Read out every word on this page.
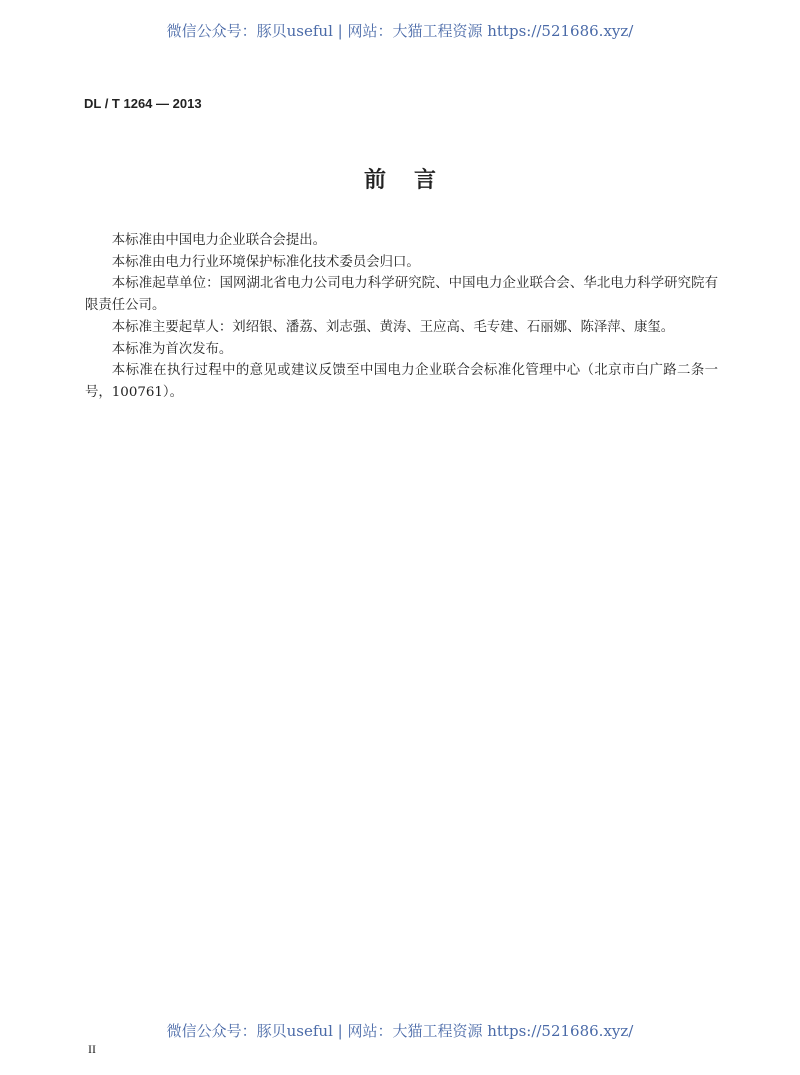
微信公众号：豚贝useful | 网站：大猫工程资源 https://521686.xyz/
DL / T 1264 — 2013
前言

本标准由中国电力企业联合会提出。

本标准由电力行业环境保护标准化技术委员会归口。

本标准起草单位：国网湖北省电力公司电力科学研究院、中国电力企业联合会、华北电力科学研究院有限责任公司。

本标准主要起草人：刘绍银、潘荔、刘志强、黄涛、王应高、毛专建、石丽娜、陈泽萍、康玺。

本标准为首次发布。

本标准在执行过程中的意见或建议反馈至中国电力企业联合会标准化管理中心（北京市白广路二条一号，100761）。

微信公众号：豚贝useful | 网站：大猫工程资源 https://521686.xyz/
II
